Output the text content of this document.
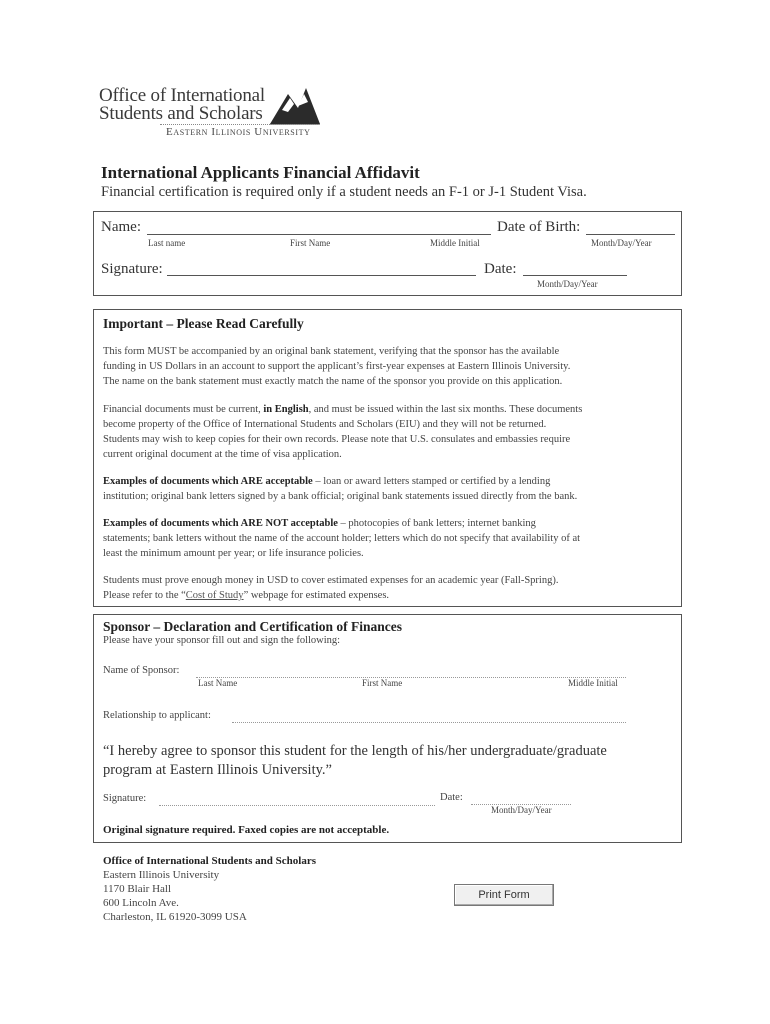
Office of International
Students and Scholars
Eastern Illinois University
International Applicants Financial Affidavit
Financial certification is required only if a student needs an F-1 or J-1 Student Visa.
Name:	Date of Birth:
Last name	First Name	Middle Initial	Month/Day/Year
Signature:	Date:
Month/Day/Year
Important – Please Read Carefully
This form MUST be accompanied by an original bank statement, verifying that the sponsor has the available
funding in US Dollars in an account to support the applicant’s first-year expenses at Eastern Illinois University.
The name on the bank statement must exactly match the name of the sponsor you provide on this application.
Financial documents must be current, in English, and must be issued within the last six months. These documents
become property of the Office of International Students and Scholars (EIU) and they will not be returned.
Students may wish to keep copies for their own records. Please note that U.S. consulates and embassies require
current original document at the time of visa application.
Examples of documents which ARE acceptable – loan or award letters stamped or certified by a lending
institution; original bank letters signed by a bank official; original bank statements issued directly from the bank.
Examples of documents which ARE NOT acceptable – photocopies of bank letters; internet banking
statements; bank letters without the name of the account holder; letters which do not specify that availability of at
least the minimum amount per year; or life insurance policies.
Students must prove enough money in USD to cover estimated expenses for an academic year (Fall-Spring).
Please refer to the “Cost of Study” webpage for estimated expenses.
Sponsor – Declaration and Certification of Finances
Please have your sponsor fill out and sign the following:
Name of Sponsor:
Last Name	First Name	Middle Initial
Relationship to applicant:
“I hereby agree to sponsor this student for the length of his/her undergraduate/graduate
program at Eastern Illinois University.”
Signature:	Date:
Month/Day/Year
Original signature required. Faxed copies are not acceptable.
Office of International Students and Scholars
Eastern Illinois University
1170 Blair Hall
600 Lincoln Ave.
Charleston, IL 61920-3099 USA
Print Form
